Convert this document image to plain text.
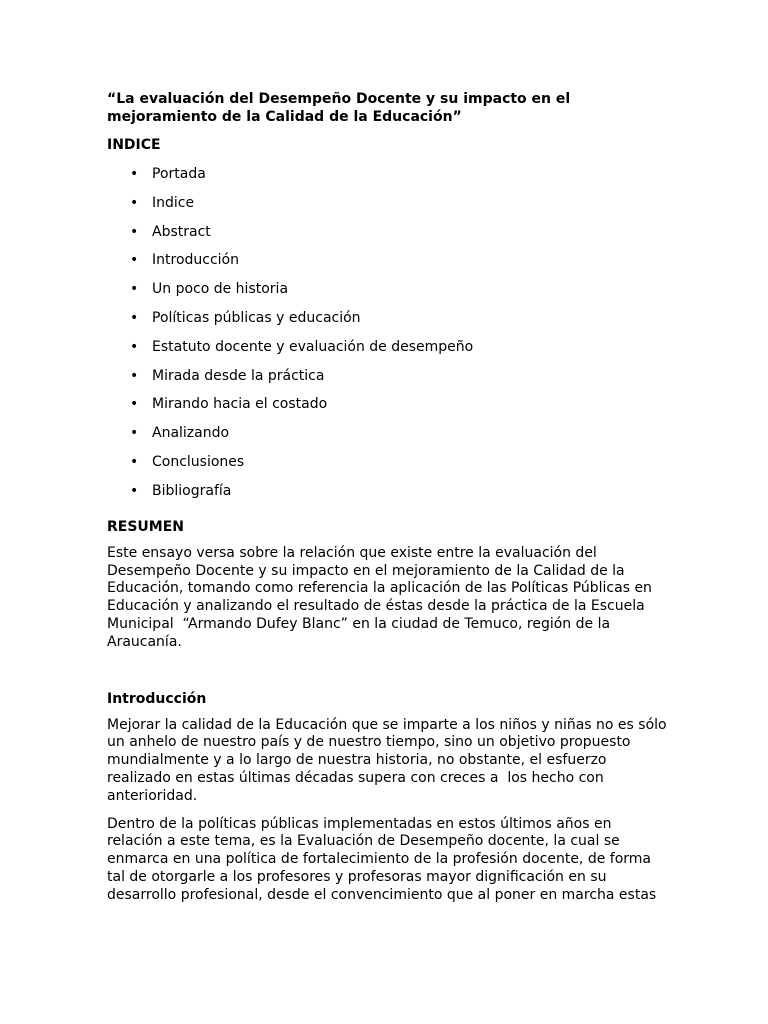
“La evaluación del Desempeño Docente y su impacto en el
mejoramiento de la Calidad de la Educación”
INDICE
• Portada
• Indice
• Abstract
• Introducción
• Un poco de historia
• Políticas públicas y educación
• Estatuto docente y evaluación de desempeño
• Mirada desde la práctica
• Mirando hacia el costado
• Analizando
• Conclusiones
• Bibliografía
RESUMEN

Este ensayo versa sobre la relación que existe entre la evaluación del
Desempeño Docente y su impacto en el mejoramiento de la Calidad de la
Educación, tomando como referencia la aplicación de las Políticas Públicas en
Educación y analizando el resultado de éstas desde la práctica de la Escuela
Municipal  “Armando Dufey Blanc” en la ciudad de Temuco, región de la
Araucanía.

Introducción

Mejorar la calidad de la Educación que se imparte a los niños y niñas no es sólo
un anhelo de nuestro país y de nuestro tiempo, sino un objetivo propuesto
mundialmente y a lo largo de nuestra historia, no obstante, el esfuerzo
realizado en estas últimas décadas supera con creces a  los hecho con
anterioridad.

Dentro de la políticas públicas implementadas en estos últimos años en
relación a este tema, es la Evaluación de Desempeño docente, la cual se
enmarca en una política de fortalecimiento de la profesión docente, de forma
tal de otorgarle a los profesores y profesoras mayor dignificación en su
desarrollo profesional, desde el convencimiento que al poner en marcha estas
